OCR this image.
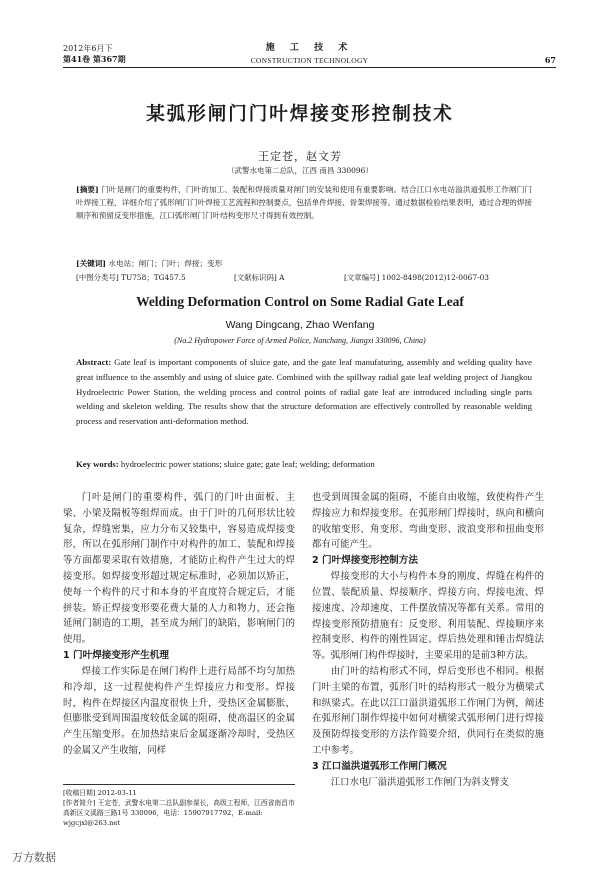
2012年6月下
第41卷 第367期
施 工 技 术
CONSTRUCTION TECHNOLOGY	67
某弧形闸门门叶焊接变形控制技术
王定苍，赵文芳
（武警水电第二总队，江西 南昌 330096）
[摘要] 门叶是闸门的重要构件，门叶的加工、装配和焊接质量对闸门的安装和使用有重要影响。结合江口水电站溢洪道弧形工作闸门门叶焊接工程，详细介绍了弧形闸门门叶焊接工艺流程和控制要点，包括单件焊接、骨架焊接等。通过数据检验结果表明，通过合理的焊接顺序和预留反变形措施，江口弧形闸门门叶结构变形尺寸得到有效控制。
[关键词] 水电站；闸门；门叶；焊接；变形
[中图分类号] TU758；TG457.5	[文献标识码] A	[文章编号] 1002-8498(2012)12-0067-03
Welding Deformation Control on Some Radial Gate Leaf
Wang Dingcang, Zhao Wenfang
(No.2 Hydropower Force of Armed Police, Nanchang, Jiangxi 330096, China)
Abstract: Gate leaf is important components of sluice gate, and the gate leaf manufaturing, assembly and welding quality have great influence to the assembly and using of sluice gate. Combined with the spillway radial gate leaf welding project of Jiangkou Hydroelectric Power Station, the welding process and control points of radial gate leaf are introduced including single parts welding and skeleton welding. The results show that the structure deformation are effectively controlled by reasonable welding process and reservation anti-deformation method.
Key words: hydroelectric power stations; sluice gate; gate leaf; welding; deformation

门叶是闸门的重要构件，弧门的门叶由面板、主梁、小梁及隔板等组焊而成。由于门叶的几何形状比较复杂，焊缝密集，应力分布又较集中，容易造成焊接变形，所以在弧形闸门制作中对构件的加工、装配和焊接等方面都要采取有效措施，才能防止构件产生过大的焊接变形。如焊接变形超过规定标准时，必须加以矫正，使每一个构件的尺寸和本身的平直度符合规定后，才能拼装。矫正焊接变形要花费大量的人力和物力，还会拖延闸门制造的工期，甚至成为闸门的缺陷，影响闸门的使用。

1 门叶焊接变形产生机理

焊接工作实际是在闸门构件上进行局部不均匀加热和冷却，这一过程使构件产生焊接应力和变形。焊接时，构件在焊接区内温度很快上升，受热区金属膨胀，但膨胀受到周围温度较低金属的阻碍，使高温区的金属产生压缩变形。在加热结束后金属逐渐冷却时，受热区的金属又产生收缩，同样

也受到周围金属的阻碍，不能自由收缩，致使构件产生焊接应力和焊接变形。在弧形闸门焊接时，纵向和横向的收缩变形、角变形、弯曲变形、波浪变形和扭曲变形都有可能产生。

2 门叶焊接变形控制方法

焊接变形的大小与构件本身的刚度、焊缝在构件的位置、装配质量、焊接顺序、焊接方向、焊接电流、焊接速度、冷却速度、工件摆放情况等都有关系。常用的焊接变形预防措施有：反变形、利用装配、焊接顺序来控制变形、构件的刚性固定、焊后热处理和锤击焊缝法等。弧形闸门构件焊接时，主要采用的是前3种方法。

由门叶的结构形式不同，焊后变形也不相同。根据门叶主梁的布置，弧形门叶的结构形式一般分为横梁式和纵梁式。在此以江口溢洪道弧形工作闸门为例，阐述在弧形闸门制作焊接中如何对横梁式弧形闸门进行焊接及预防焊接变形的方法作简要介绍，供同行在类似的施工中参考。

3 江口溢洪道弧形工作闸门概况

江口水电厂溢洪道弧形工作闸门为斜支臂支

[收稿日期] 2012-03-11

[作者简介] 王定苍，武警水电第二总队副参谋长，高级工程师，江西省南昌市高新区文溪路三路1号 330096，电话：15907917792，E-mail: wjgcjxl@263.net

万方数据
